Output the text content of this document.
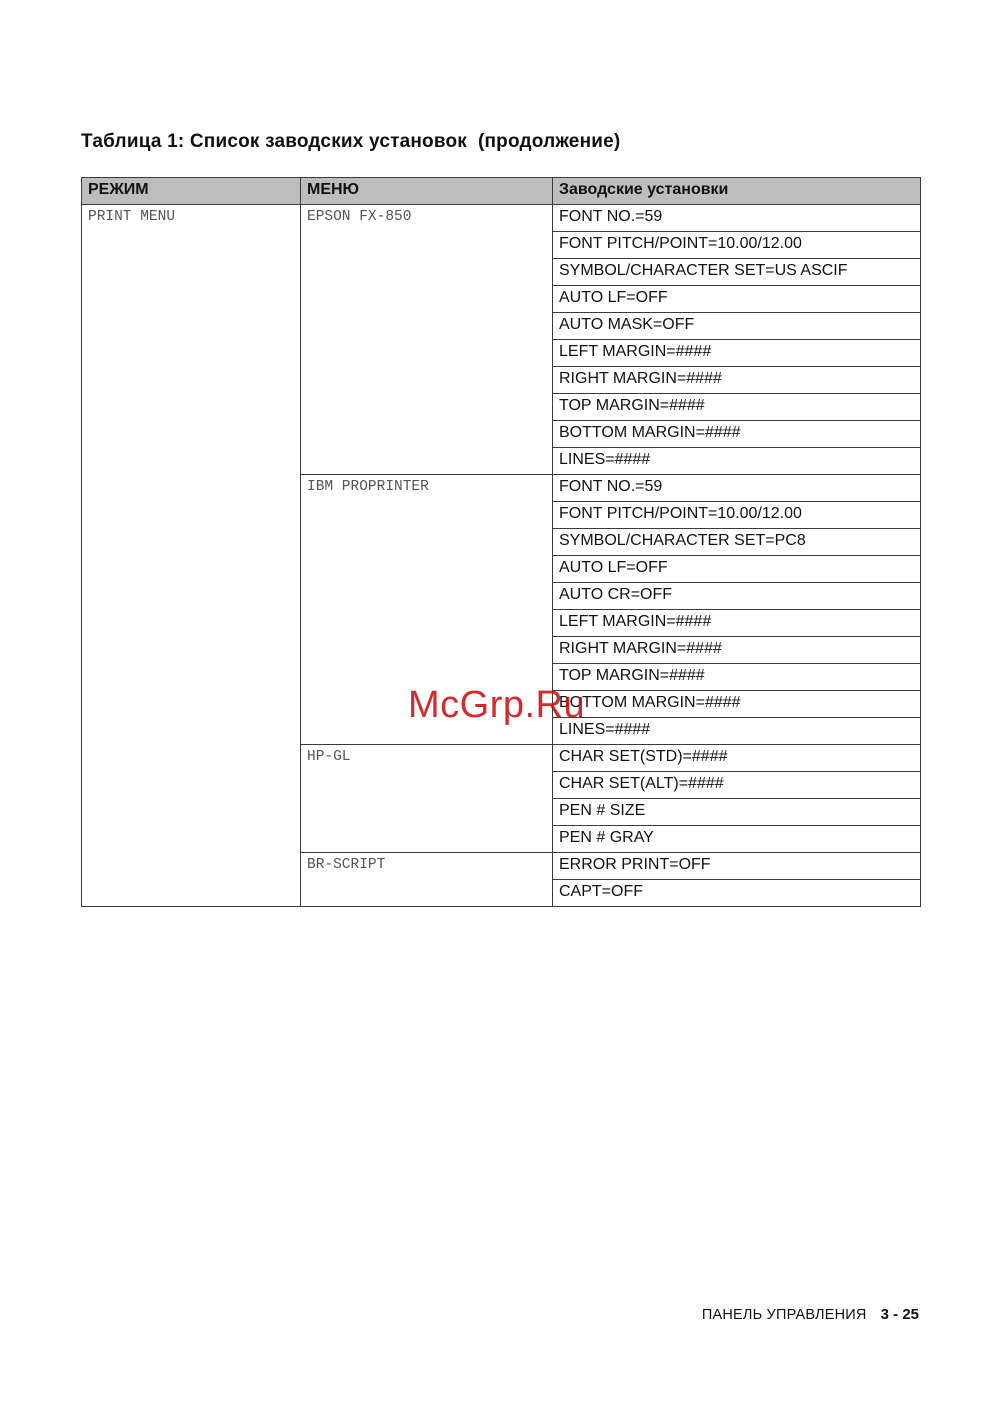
Таблица 1: Список заводских установок  (продолжение)
РЕЖИМ	МЕНЮ	Заводские установки
PRINT MENU	EPSON FX-850	FONT NO.=59
		FONT PITCH/POINT=10.00/12.00
		SYMBOL/CHARACTER SET=US ASCIF
		AUTO LF=OFF
		AUTO MASK=OFF
		LEFT MARGIN=####
		RIGHT MARGIN=####
		TOP MARGIN=####
		BOTTOM MARGIN=####
		LINES=####
	IBM PROPRINTER	FONT NO.=59
		FONT PITCH/POINT=10.00/12.00
		SYMBOL/CHARACTER SET=PC8
		AUTO LF=OFF
		AUTO CR=OFF
		LEFT MARGIN=####
		RIGHT MARGIN=####
		TOP MARGIN=####
		BOTTOM MARGIN=####
		LINES=####
	HP-GL	CHAR SET(STD)=####
		CHAR SET(ALT)=####
		PEN # SIZE
		PEN # GRAY
	BR-SCRIPT	ERROR PRINT=OFF
		CAPT=OFF
McGrp.Ru
ПАНЕЛЬ УПРАВЛЕНИЯ 3 - 25
